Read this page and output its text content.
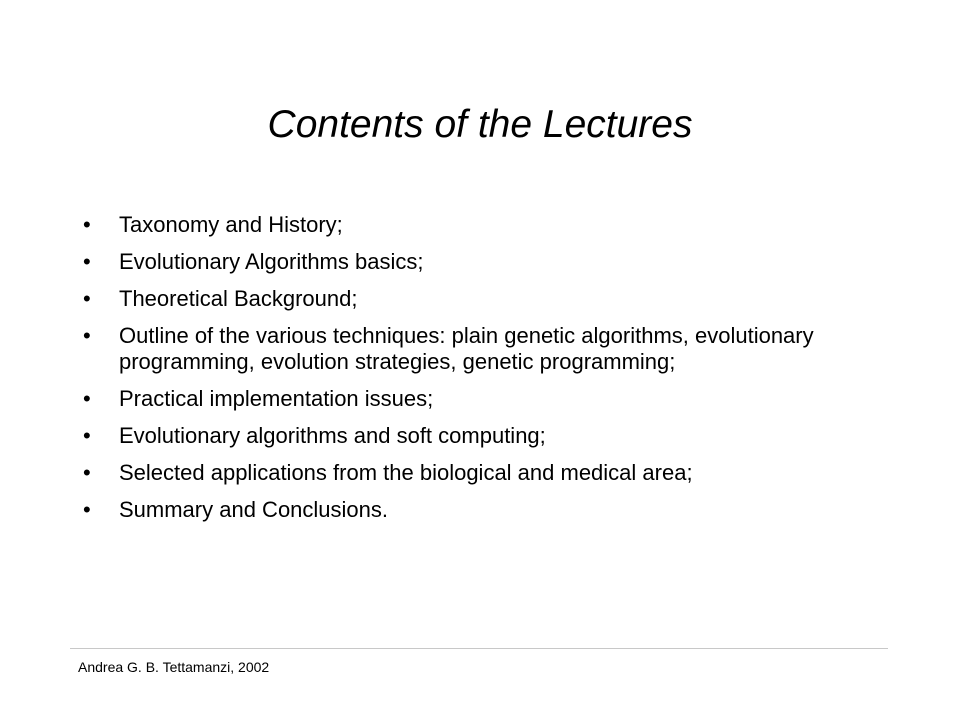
Contents of the Lectures
• Taxonomy and History;
• Evolutionary Algorithms basics;
• Theoretical Background;
• Outline of the various techniques: plain genetic algorithms, evolutionary programming, evolution strategies, genetic programming;
• Practical implementation issues;
• Evolutionary algorithms and soft computing;
• Selected applications from the biological and medical area;
• Summary and Conclusions.
Andrea G. B. Tettamanzi, 2002
